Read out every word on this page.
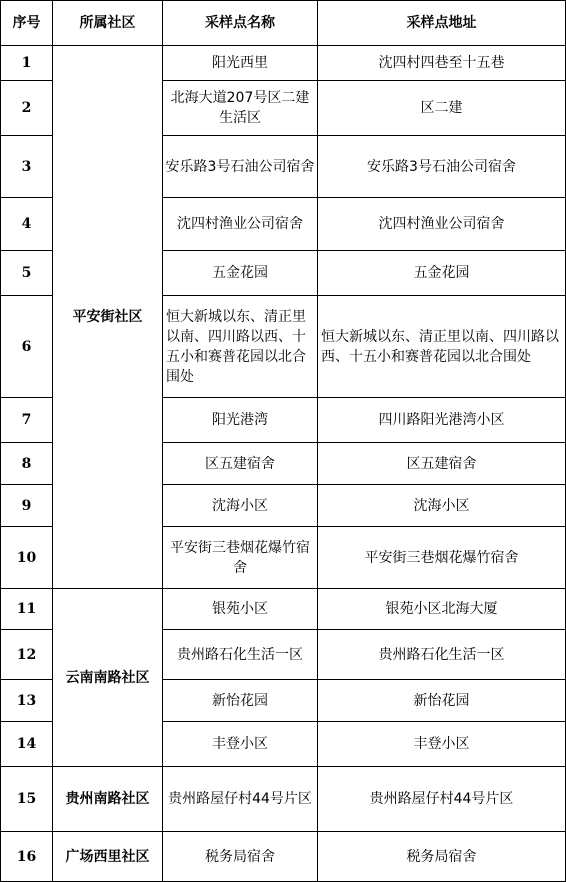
序号	所属社区	采样点名称	采样点地址
1	平安街社区	阳光西里	沈四村四巷至十五巷
2		北海大道207号区二建生活区	区二建
3		安乐路3号石油公司宿舍	安乐路3号石油公司宿舍
4		沈四村渔业公司宿舍	沈四村渔业公司宿舍
5		五金花园	五金花园
6		恒大新城以东、清正里以南、四川路以西、十五小和赛普花园以北合围处	恒大新城以东、清正里以南、四川路以西、十五小和赛普花园以北合围处
7		阳光港湾	四川路阳光港湾小区
8		区五建宿舍	区五建宿舍
9		沈海小区	沈海小区
10		平安街三巷烟花爆竹宿舍	平安街三巷烟花爆竹宿舍
11	云南南路社区	银苑小区	银苑小区北海大厦
12		贵州路石化生活一区	贵州路石化生活一区
13		新怡花园	新怡花园
14		丰登小区	丰登小区
15	贵州南路社区	贵州路屋仔村44号片区	贵州路屋仔村44号片区
16	广场西里社区	税务局宿舍	税务局宿舍
